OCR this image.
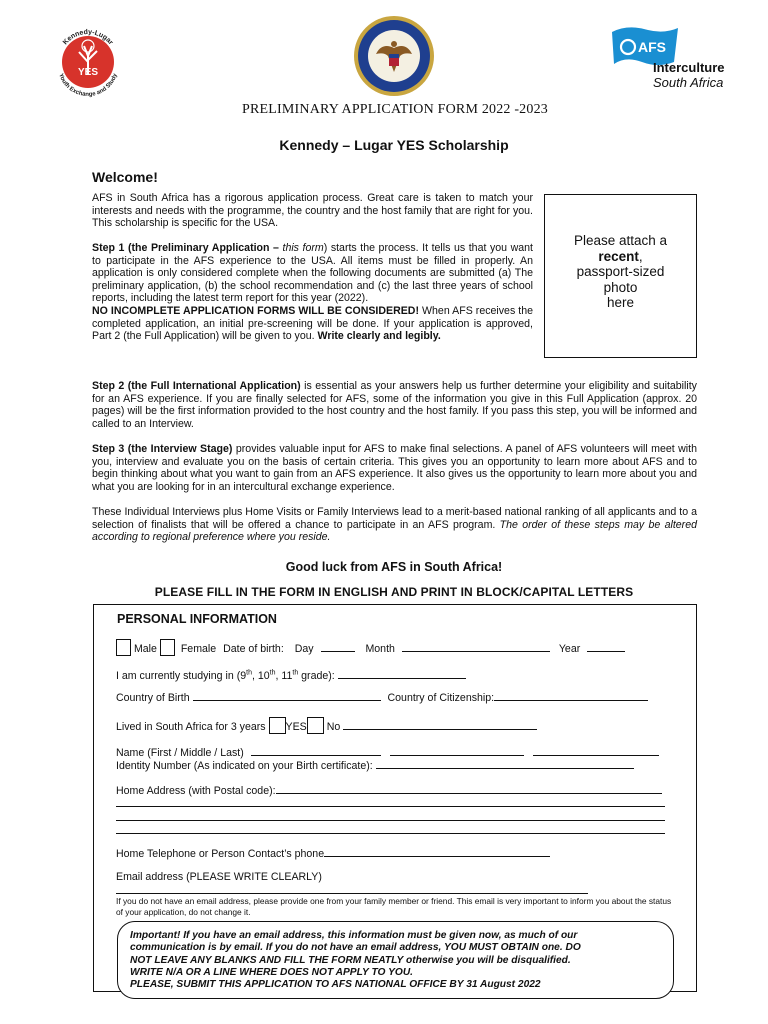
YES
Kennedy-Lugar
Youth Exchange and Study
AFS
Interculture
South Africa
PRELIMINARY APPLICATION FORM 2022 -2023
Kennedy – Lugar YES Scholarship
Welcome!
Please attach a
recent,
passport-sized
photo
here

AFS in South Africa has a rigorous application process. Great care is taken to match your interests and needs with the programme, the country and the host family that are right for you. This scholarship is specific for the USA.

Step 1 (the Preliminary Application – this form) starts the process. It tells us that you want to participate in the AFS experience to the USA. All items must be filled in properly. An application is only considered complete when the following documents are submitted (a) The preliminary application, (b) the school recommendation and (c) the last three years of school reports, including the latest term report for this year (2022).
NO INCOMPLETE APPLICATION FORMS WILL BE CONSIDERED! When AFS receives the completed application, an initial pre-screening will be done. If your application is approved, Part 2 (the Full Application) will be given to you. Write clearly and legibly.

Step 2 (the Full International Application) is essential as your answers help us further determine your eligibility and suitability for an AFS experience. If you are finally selected for AFS, some of the information you give in this Full Application (approx. 20 pages) will be the first information provided to the host country and the host family. If you pass this step, you will be informed and called to an Interview.

Step 3 (the Interview Stage) provides valuable input for AFS to make final selections. A panel of AFS volunteers will meet with you, interview and evaluate you on the basis of certain criteria. This gives you an opportunity to learn more about AFS and to begin thinking about what you want to gain from an AFS experience. It also gives us the opportunity to learn more about you and what you are looking for in an intercultural exchange experience.

These Individual Interviews plus Home Visits or Family Interviews lead to a merit-based national ranking of all applicants and to a selection of finalists that will be offered a chance to participate in an AFS program. The order of these steps may be altered according to regional preference where you reside.

Good luck from AFS in South Africa!
PLEASE FILL IN THE FORM IN ENGLISH AND PRINT IN BLOCK/CAPITAL LETTERS
PERSONAL INFORMATION
Male Female Date of birth: Day	Month	Year
I am currently studying in (9th, 10th, 11th grade):
Country of Birth	Country of Citizenship:
Lived in South Africa for 3 years YES No
Name (First / Middle / Last)
Identity Number (As indicated on your Birth certificate):
Home Address (with Postal code):
Home Telephone or Person Contact’s phone
Email address (PLEASE WRITE CLEARLY)
If you do not have an email address, please provide one from your family member or friend. This email is very important to inform you about the status of your application, do not change it.
Important! If you have an email address, this information must be given now, as much of our
communication is by email. If you do not have an email address, YOU MUST OBTAIN one. DO
NOT LEAVE ANY BLANKS AND FILL THE FORM NEATLY otherwise you will be disqualified.
WRITE N/A OR A LINE WHERE DOES NOT APPLY TO YOU.
PLEASE, SUBMIT THIS APPLICATION TO AFS NATIONAL OFFICE BY 31 August 2022
